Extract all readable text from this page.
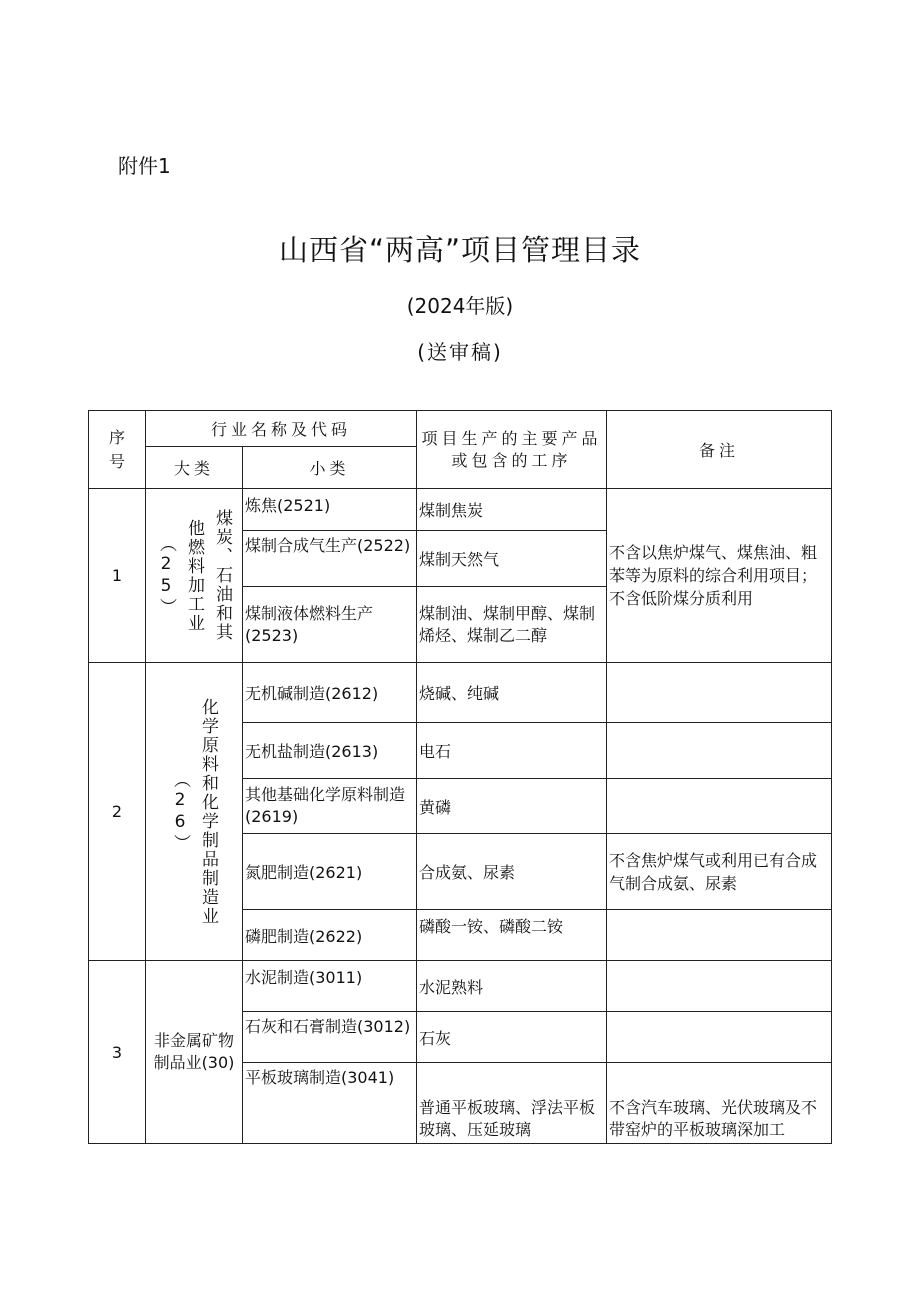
附件1
山西省“两高”项目管理目录
(2024年版)
(送审稿)
序号	行业名称及代码		项目生产的主要产品或包含的工序	备注
	大类	小类		
1	煤炭、石油和其他燃料加工业（25）	炼焦(2521)	煤制焦炭	不含以焦炉煤气、煤焦油、粗苯等为原料的综合利用项目；不含低阶煤分质利用

		煤制合成气生产(2522)	煤制天然气	

		煤制液体燃料生产(2523)	煤制油、煤制甲醇、煤制烯烃、煤制乙二醇	

2	化学原料和化学制品制造业（26）	无机碱制造(2612)	烧碱、纯碱	
		无机盐制造(2613)	电石	

		其他基础化学原料制造(2619)	黄磷	
		氮肥制造(2621)	合成氨、尿素	不含焦炉煤气或利用已有合成气制合成氨、尿素

		磷肥制造(2622)	磷酸一铵、磷酸二铵	
3	非金属矿物制品业(30)	水泥制造(3011)	水泥熟料	

		石灰和石膏制造(3012)	石灰	

		平板玻璃制造(3041)	普通平板玻璃、浮法平板玻璃、压延玻璃	不含汽车玻璃、光伏玻璃及不带窑炉的平板玻璃深加工
